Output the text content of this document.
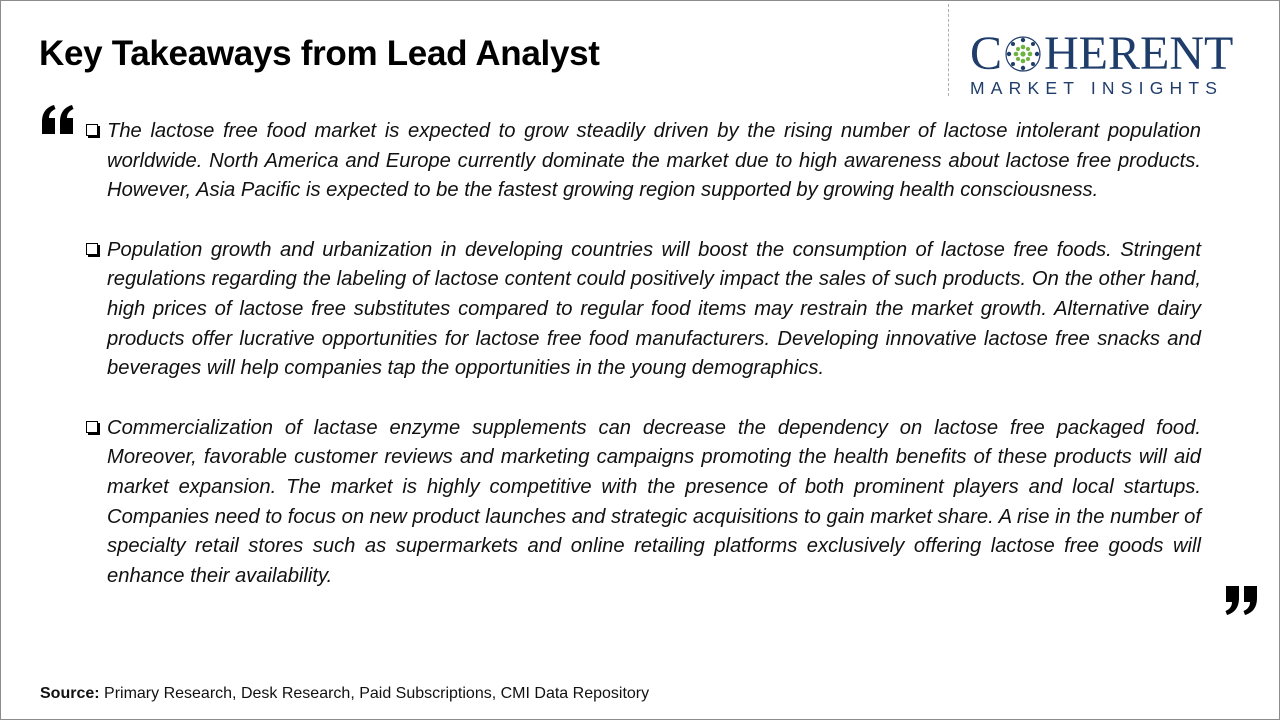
Key Takeaways from Lead Analyst	C HERENT
MARKET INSIGHTS
The lactose free food market is expected to grow steadily driven by the rising number of lactose intolerant population worldwide. North America and Europe currently dominate the market due to high awareness about lactose free products. However, Asia Pacific is expected to be the fastest growing region supported by growing health consciousness.
Population growth and urbanization in developing countries will boost the consumption of lactose free foods. Stringent regulations regarding the labeling of lactose content could positively impact the sales of such products. On the other hand, high prices of lactose free substitutes compared to regular food items may restrain the market growth. Alternative dairy products offer lucrative opportunities for lactose free food manufacturers. Developing innovative lactose free snacks and beverages will help companies tap the opportunities in the young demographics.
Commercialization of lactase enzyme supplements can decrease the dependency on lactose free packaged food. Moreover, favorable customer reviews and marketing campaigns promoting the health benefits of these products will aid market expansion. The market is highly competitive with the presence of both prominent players and local startups. Companies need to focus on new product launches and strategic acquisitions to gain market share. A rise in the number of specialty retail stores such as supermarkets and online retailing platforms exclusively offering lactose free goods will enhance their availability.
Source: Primary Research, Desk Research, Paid Subscriptions, CMI Data Repository
